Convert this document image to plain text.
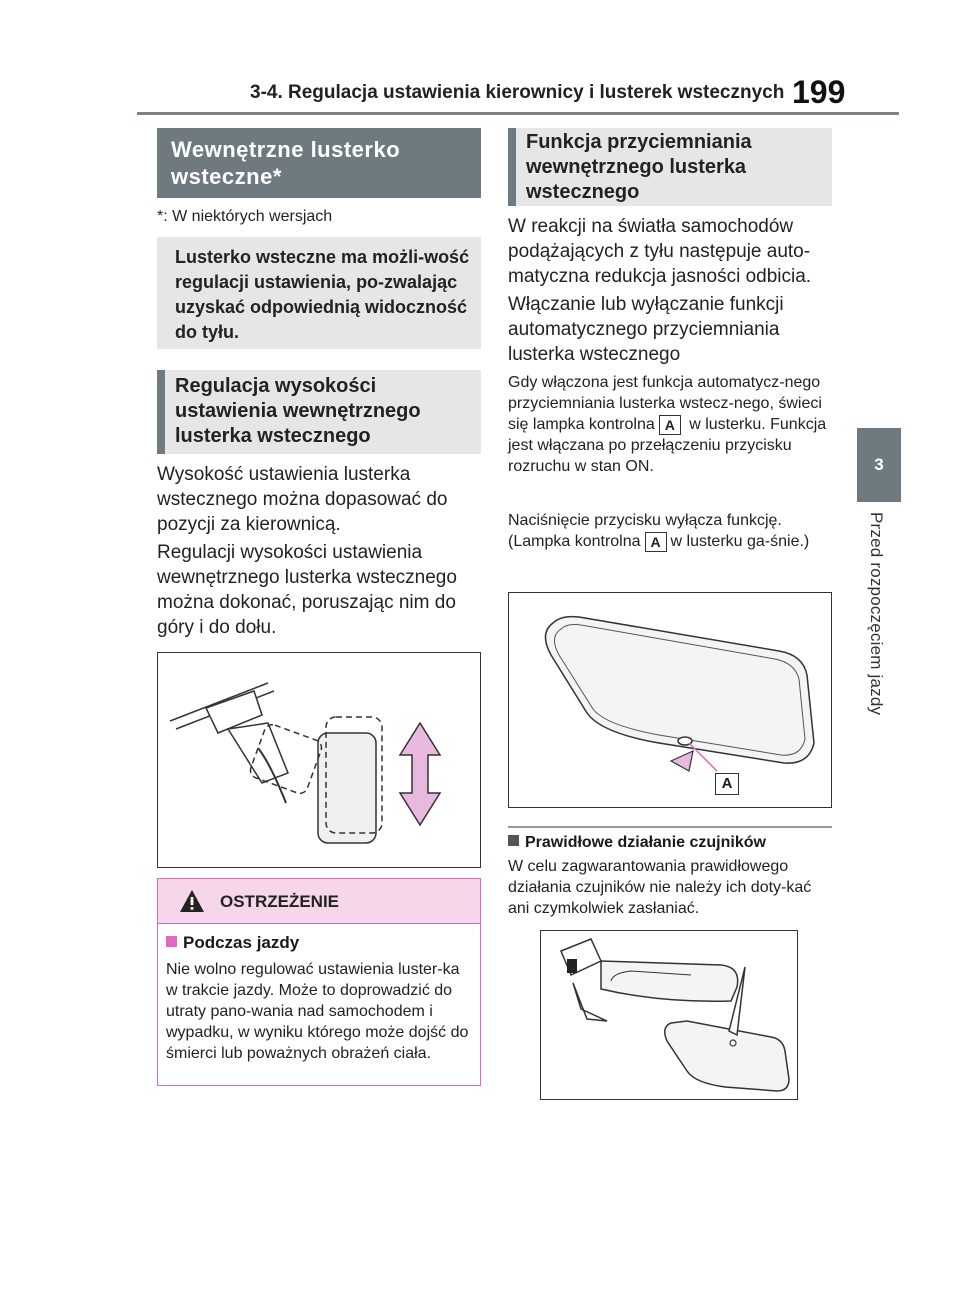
3-4. Regulacja ustawienia kierownicy i lusterek wstecznych 199
3
Przed rozpoczęciem jazdy
Wewnętrzne lusterko wsteczne*
*: W niektórych wersjach
Lusterko wsteczne ma możli-wość regulacji ustawienia, po-zwalając uzyskać odpowiednią widoczność do tyłu.
Regulacja wysokości ustawienia wewnętrznego lusterka wstecznego

Wysokość ustawienia lusterka wstecznego można dopasować do pozycji za kierownicą.

Regulacji wysokości ustawienia wewnętrznego lusterka wstecznego można dokonać, poruszając nim do góry i do dołu.

OSTRZEŻENIE
Podczas jazdy

Nie wolno regulować ustawienia luster-ka w trakcie jazdy. Może to doprowadzić do utraty pano-wania nad samochodem i wypadku, w wyniku którego może dojść do śmierci lub poważnych obrażeń ciała.

Funkcja przyciemniania wewnętrznego lusterka wstecznego

W reakcji na światła samochodów podążających z tyłu następuje auto-matyczna redukcja jasności odbicia.

Włączanie lub wyłączanie funkcji automatycznego przyciemniania lusterka wstecznego

Gdy włączona jest funkcja automatycz-nego przyciemniania lusterka wstecz-nego, świeci się lampka kontrolna A w lusterku. Funkcja jest włączana po przełączeniu przycisku rozruchu w stan ON.

Naciśnięcie przycisku wyłącza funkcję. (Lampka kontrolna A w lusterku ga-śnie.)

A
Prawidłowe działanie czujników

W celu zagwarantowania prawidłowego działania czujników nie należy ich doty-kać ani czymkolwiek zasłaniać.
